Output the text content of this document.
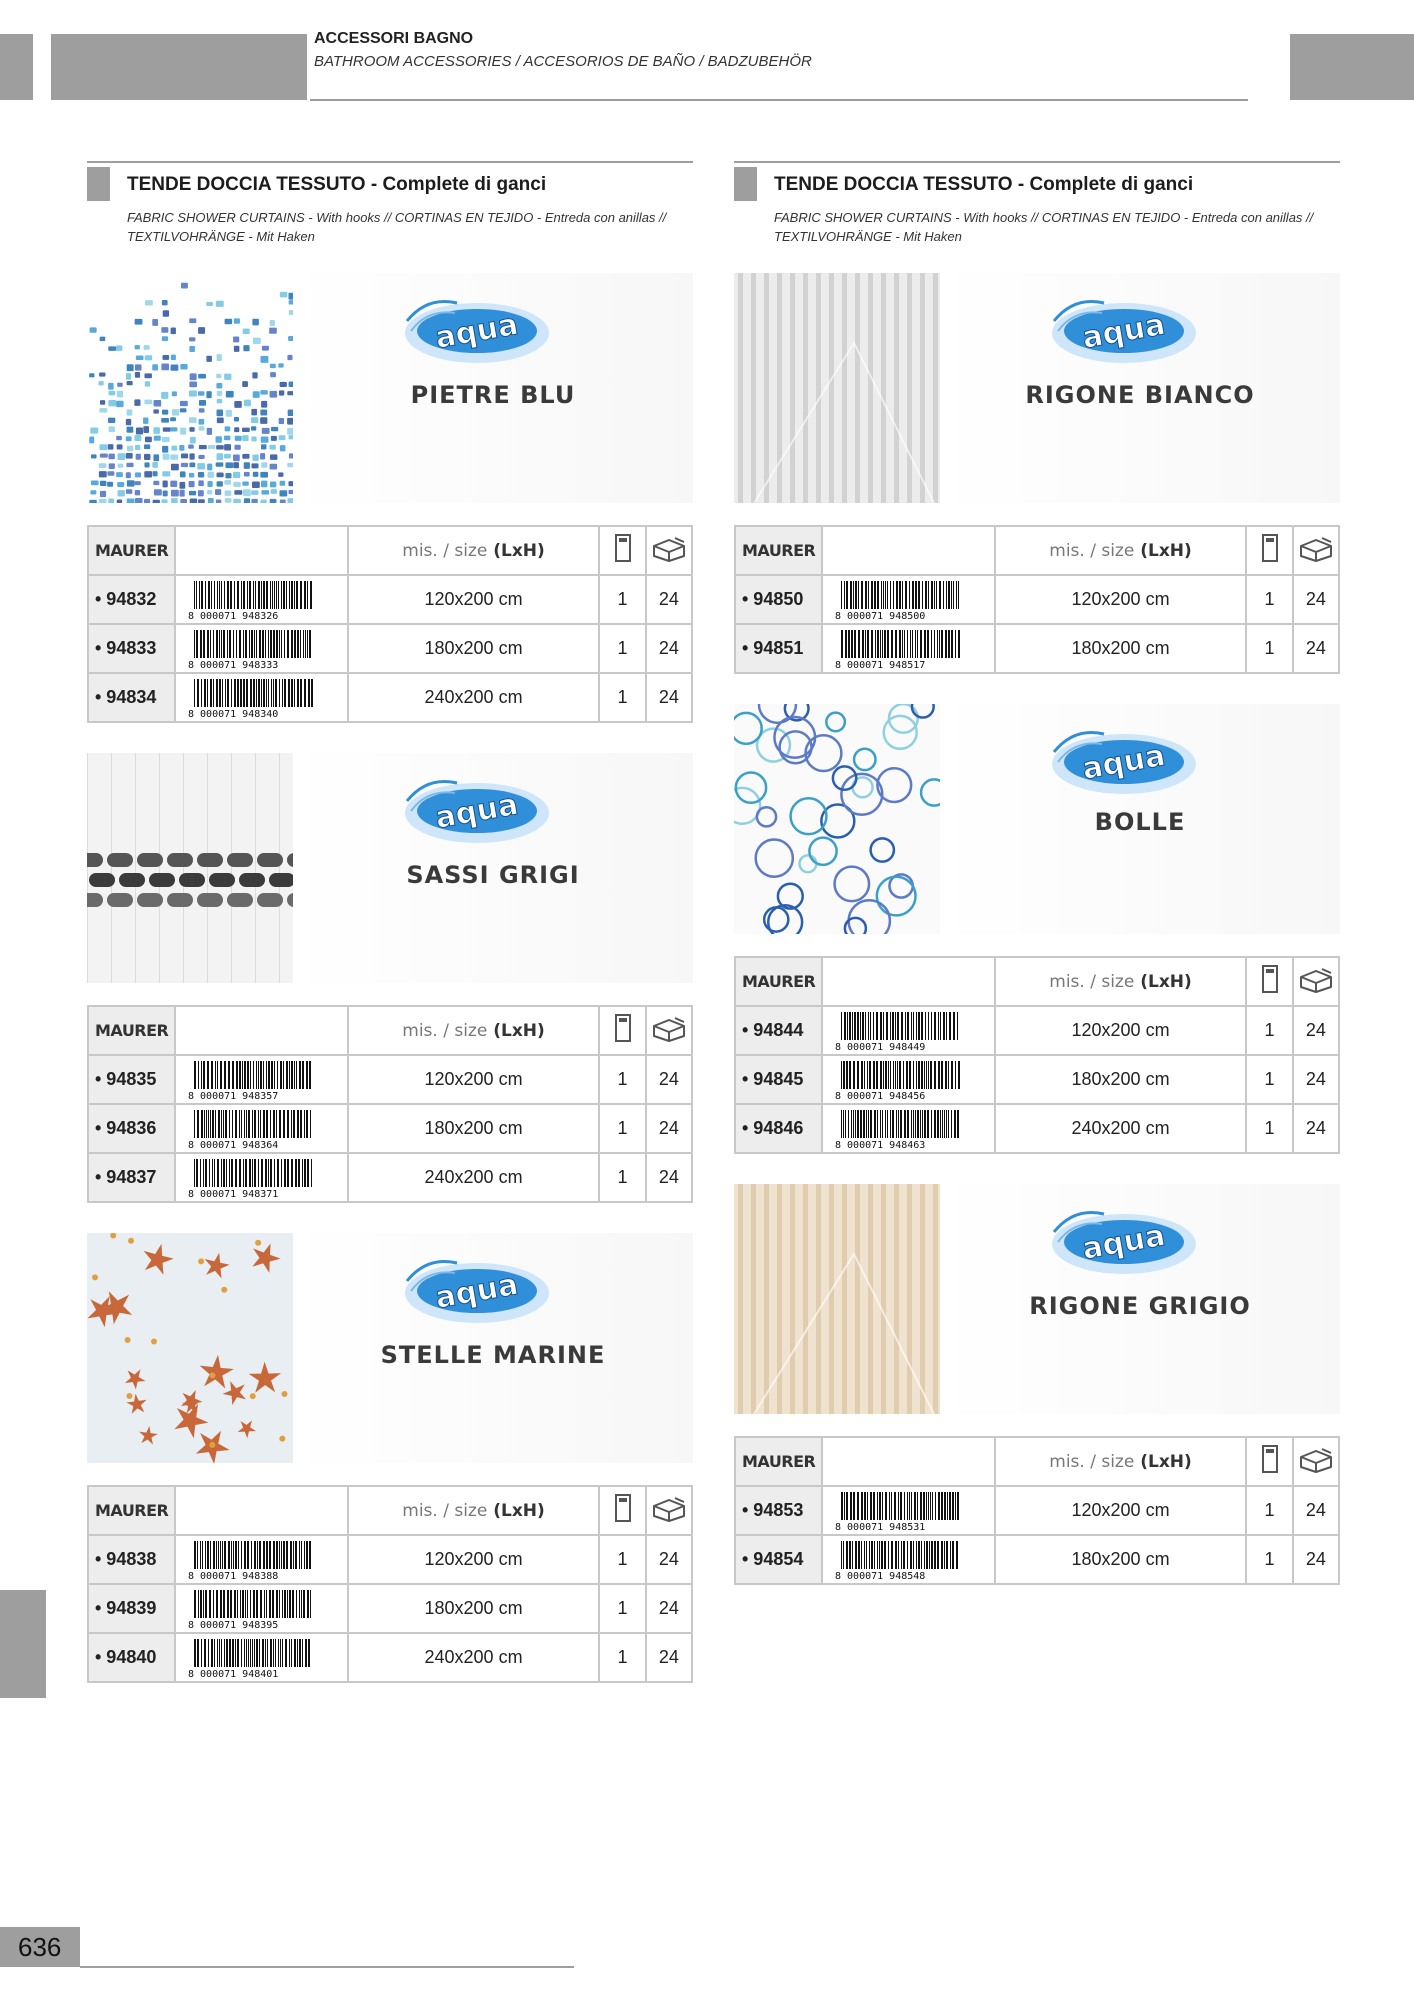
ACCESSORI BAGNO
BATHROOM ACCESSORIES / ACCESORIOS DE BAÑO / BADZUBEHÖR
TENDE DOCCIA TESSUTO - Complete di ganci
FABRIC SHOWER CURTAINS - With hooks // CORTINAS EN TEJIDO - Entreda con anillas // TEXTILVOHRÄNGE - Mit Haken
aqua
PIETRE BLU
MAURER		mis. / size (LxH)		
• 94832	8 000071 948326	120x200 cm	1	24
• 94833	8 000071 948333	180x200 cm	1	24
• 94834	8 000071 948340	240x200 cm	1	24
aqua
SASSI GRIGI
MAURER		mis. / size (LxH)		
• 94835	8 000071 948357	120x200 cm	1	24
• 94836	8 000071 948364	180x200 cm	1	24
• 94837	8 000071 948371	240x200 cm	1	24
aqua
STELLE MARINE
MAURER		mis. / size (LxH)		
• 94838	8 000071 948388	120x200 cm	1	24
• 94839	8 000071 948395	180x200 cm	1	24
• 94840	8 000071 948401	240x200 cm	1	24
TENDE DOCCIA TESSUTO - Complete di ganci
FABRIC SHOWER CURTAINS - With hooks // CORTINAS EN TEJIDO - Entreda con anillas // TEXTILVOHRÄNGE - Mit Haken
aqua
RIGONE BIANCO
MAURER		mis. / size (LxH)		
• 94850	8 000071 948500	120x200 cm	1	24
• 94851	8 000071 948517	180x200 cm	1	24
aqua
BOLLE
MAURER		mis. / size (LxH)		
• 94844	8 000071 948449	120x200 cm	1	24
• 94845	8 000071 948456	180x200 cm	1	24
• 94846	8 000071 948463	240x200 cm	1	24
aqua
RIGONE GRIGIO
MAURER		mis. / size (LxH)		
• 94853	8 000071 948531	120x200 cm	1	24
• 94854	8 000071 948548	180x200 cm	1	24
636
